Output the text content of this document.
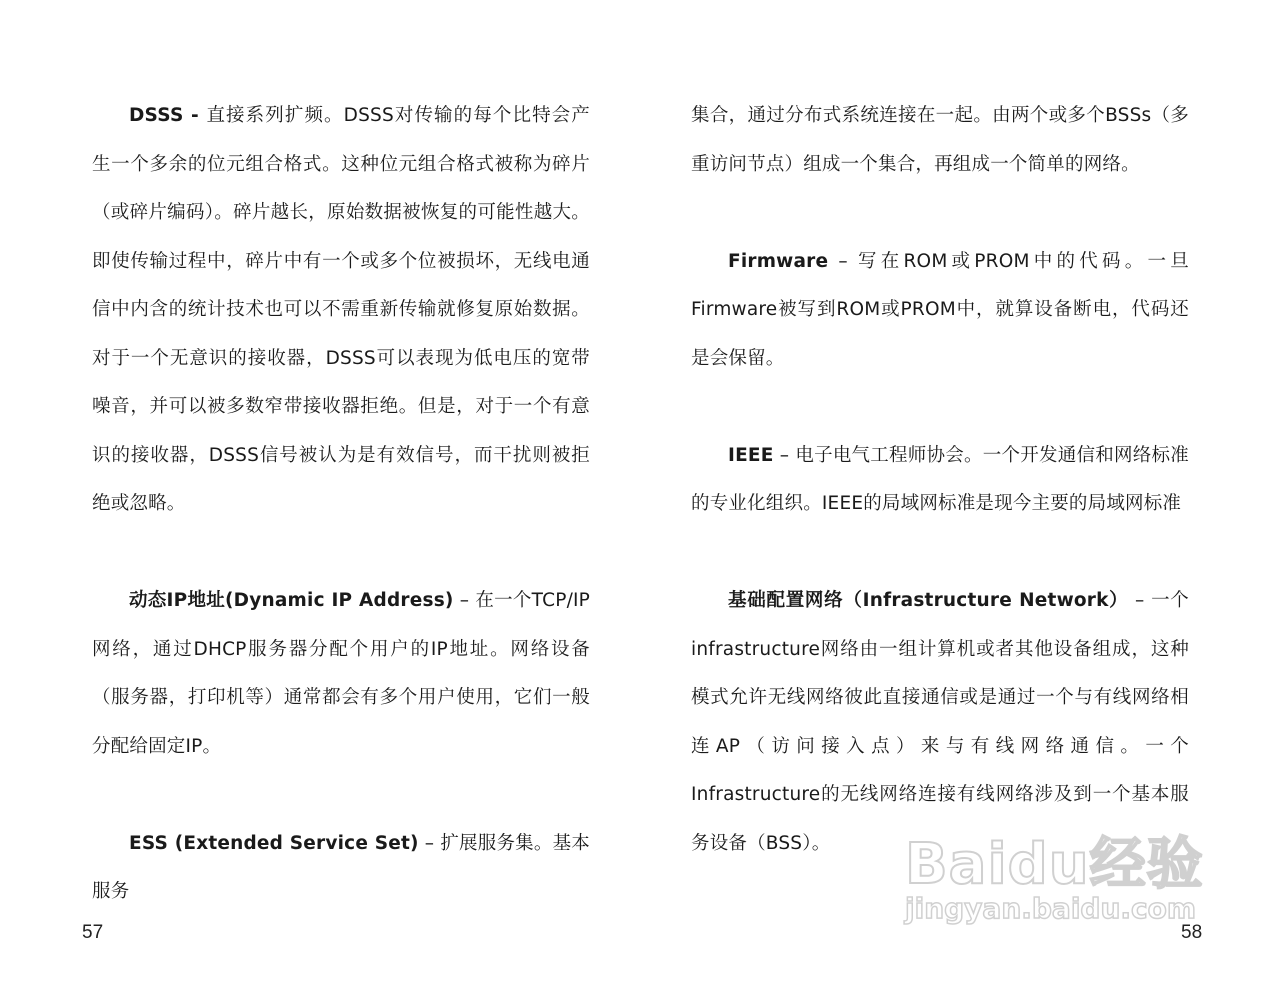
DSSS - 直接系列扩频。DSSS对传输的每个比特会产生一个多余的位元组合格式。这种位元组合格式被称为碎片（或碎片编码）。碎片越长，原始数据被恢复的可能性越大。即使传输过程中，碎片中有一个或多个位被损坏，无线电通信中内含的统计技术也可以不需重新传输就修复原始数据。对于一个无意识的接收器，DSSS可以表现为低电压的宽带噪音，并可以被多数窄带接收器拒绝。但是，对于一个有意识的接收器，DSSS信号被认为是有效信号，而干扰则被拒绝或忽略。

动态IP地址(Dynamic IP Address) – 在一个TCP/IP网络，通过DHCP服务器分配个用户的IP地址。网络设备（服务器，打印机等）通常都会有多个用户使用，它们一般分配给固定IP。

ESS (Extended Service Set) – 扩展服务集。基本服务

集合，通过分布式系统连接在一起。由两个或多个BSSs（多重访问节点）组成一个集合，再组成一个简单的网络。

Firmware – 写在ROM或PROM中的代码。一旦Firmware被写到ROM或PROM中，就算设备断电，代码还是会保留。

IEEE – 电子电气工程师协会。一个开发通信和网络标准的专业化组织。IEEE的局域网标准是现今主要的局域网标准

基础配置网络（Infrastructure Network） – 一个infrastructure网络由一组计算机或者其他设备组成，这种模式允许无线网络彼此直接通信或是通过一个与有线网络相连AP（访问接入点）来与有线网络通信。一个Infrastructure的无线网络连接有线网络涉及到一个基本服务设备（BSS）。

57	58
Baidu经验
jingyan.baidu.com
